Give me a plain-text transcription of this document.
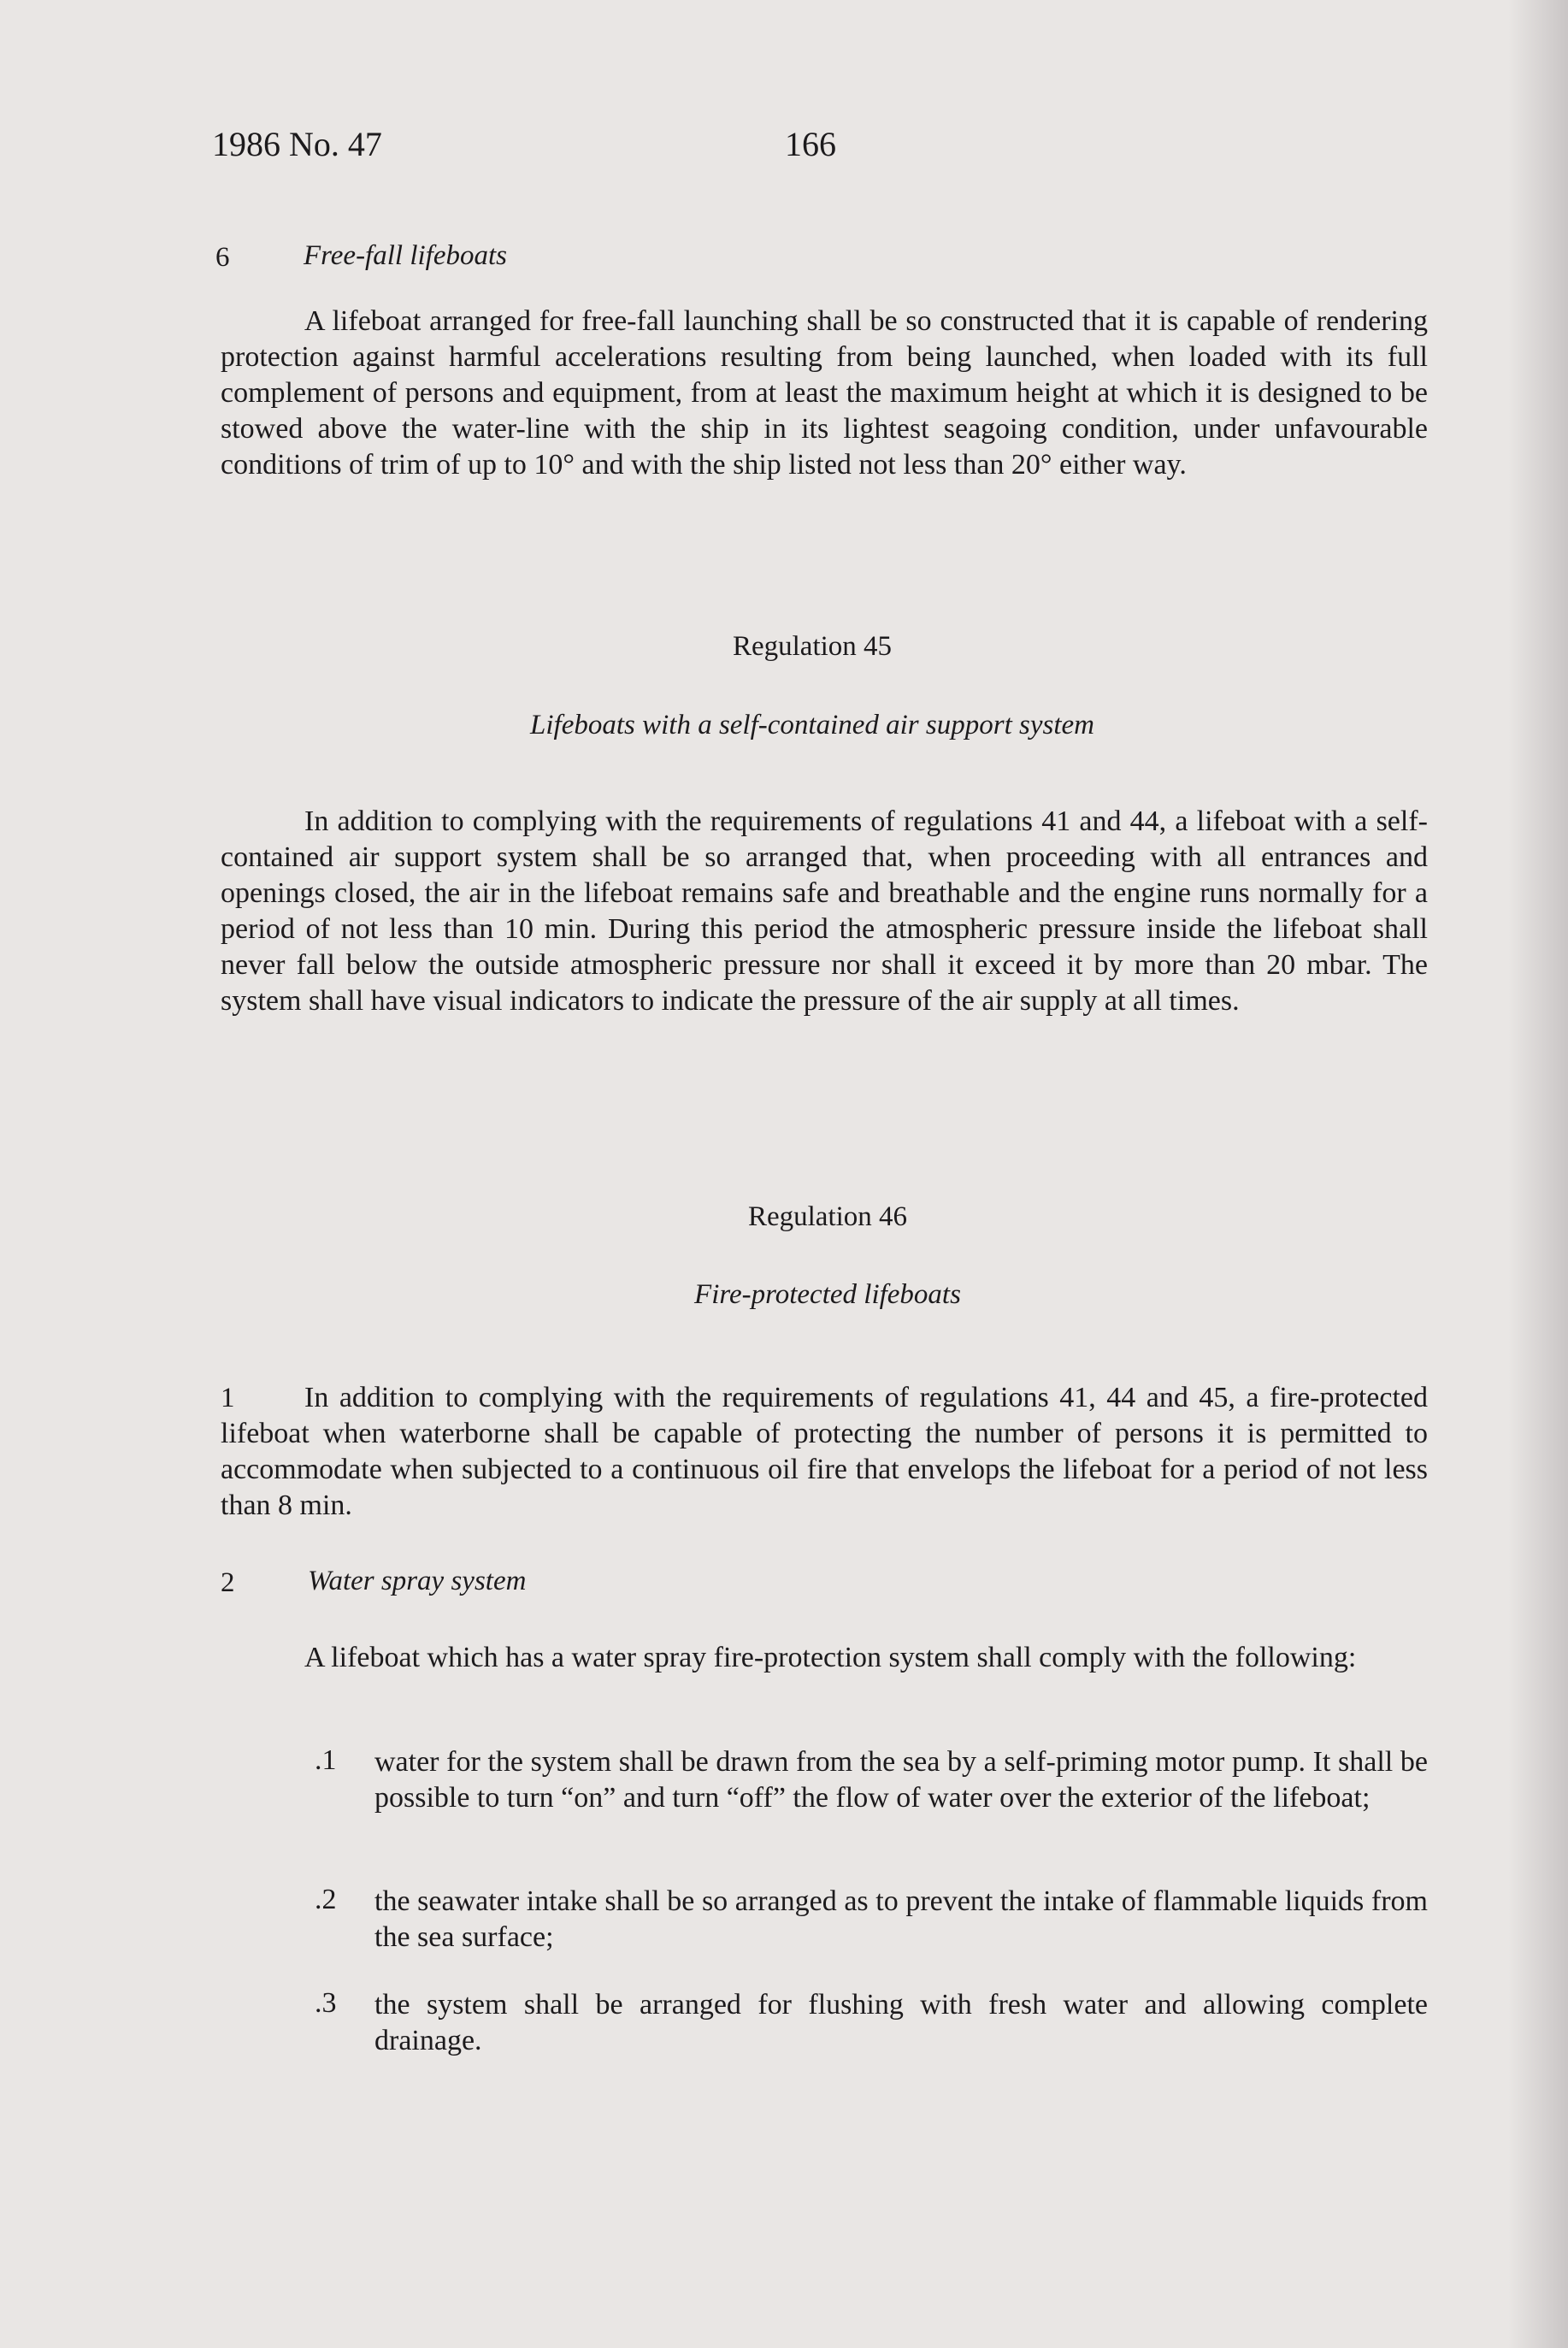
1986 No. 47	166
6	Free-fall lifeboats
A lifeboat arranged for free-fall launching shall be so constructed that it is capable of rendering protection against harmful accelerations resulting from being launched, when loaded with its full complement of persons and equipment, from at least the maximum height at which it is designed to be stowed above the water-line with the ship in its lightest seagoing condition, under unfavourable conditions of trim of up to 10° and with the ship listed not less than 20° either way.
Regulation 45
Lifeboats with a self-contained air support system
In addition to complying with the requirements of regulations 41 and 44, a lifeboat with a self-contained air support system shall be so arranged that, when proceeding with all entrances and openings closed, the air in the lifeboat remains safe and breathable and the engine runs normally for a period of not less than 10 min. During this period the atmospheric pressure inside the lifeboat shall never fall below the outside atmospheric pressure nor shall it exceed it by more than 20 mbar. The system shall have visual indicators to indicate the pressure of the air supply at all times.
Regulation 46
Fire-protected lifeboats
1	In addition to complying with the requirements of regulations 41, 44 and 45, a fire-protected lifeboat when waterborne shall be capable of protecting the number of persons it is permitted to accommodate when subjected to a continuous oil fire that envelops the lifeboat for a period of not less than 8 min.
2	Water spray system
A lifeboat which has a water spray fire-protection system shall comply with the following:
.1 water for the system shall be drawn from the sea by a self-priming motor pump. It shall be possible to turn “on” and turn “off” the flow of water over the exterior of the lifeboat;
.2 the seawater intake shall be so arranged as to prevent the intake of flammable liquids from the sea surface;
.3 the system shall be arranged for flushing with fresh water and allowing complete drainage.
